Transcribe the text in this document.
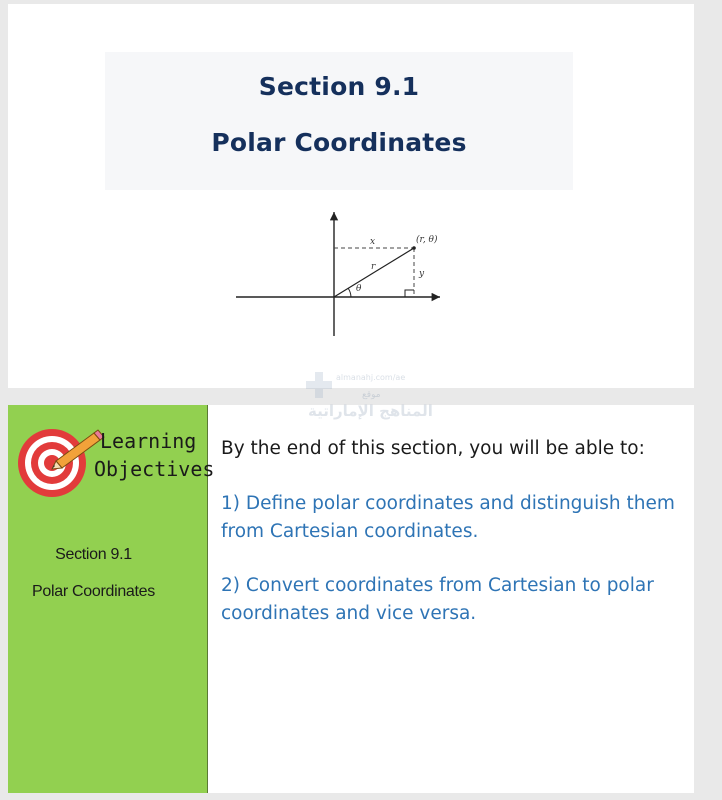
Section 9.1
Polar Coordinates
x
y
r
θ
(r, θ)
Learning
Objectives
Section 9.1
Polar Coordinates
By the end of this section, you will be able to:
1) Define polar coordinates and distinguish them from Cartesian coordinates.
2) Convert coordinates from Cartesian to polar coordinates and vice versa.
almanahj.com/ae
موقع
المناهج الإماراتية
